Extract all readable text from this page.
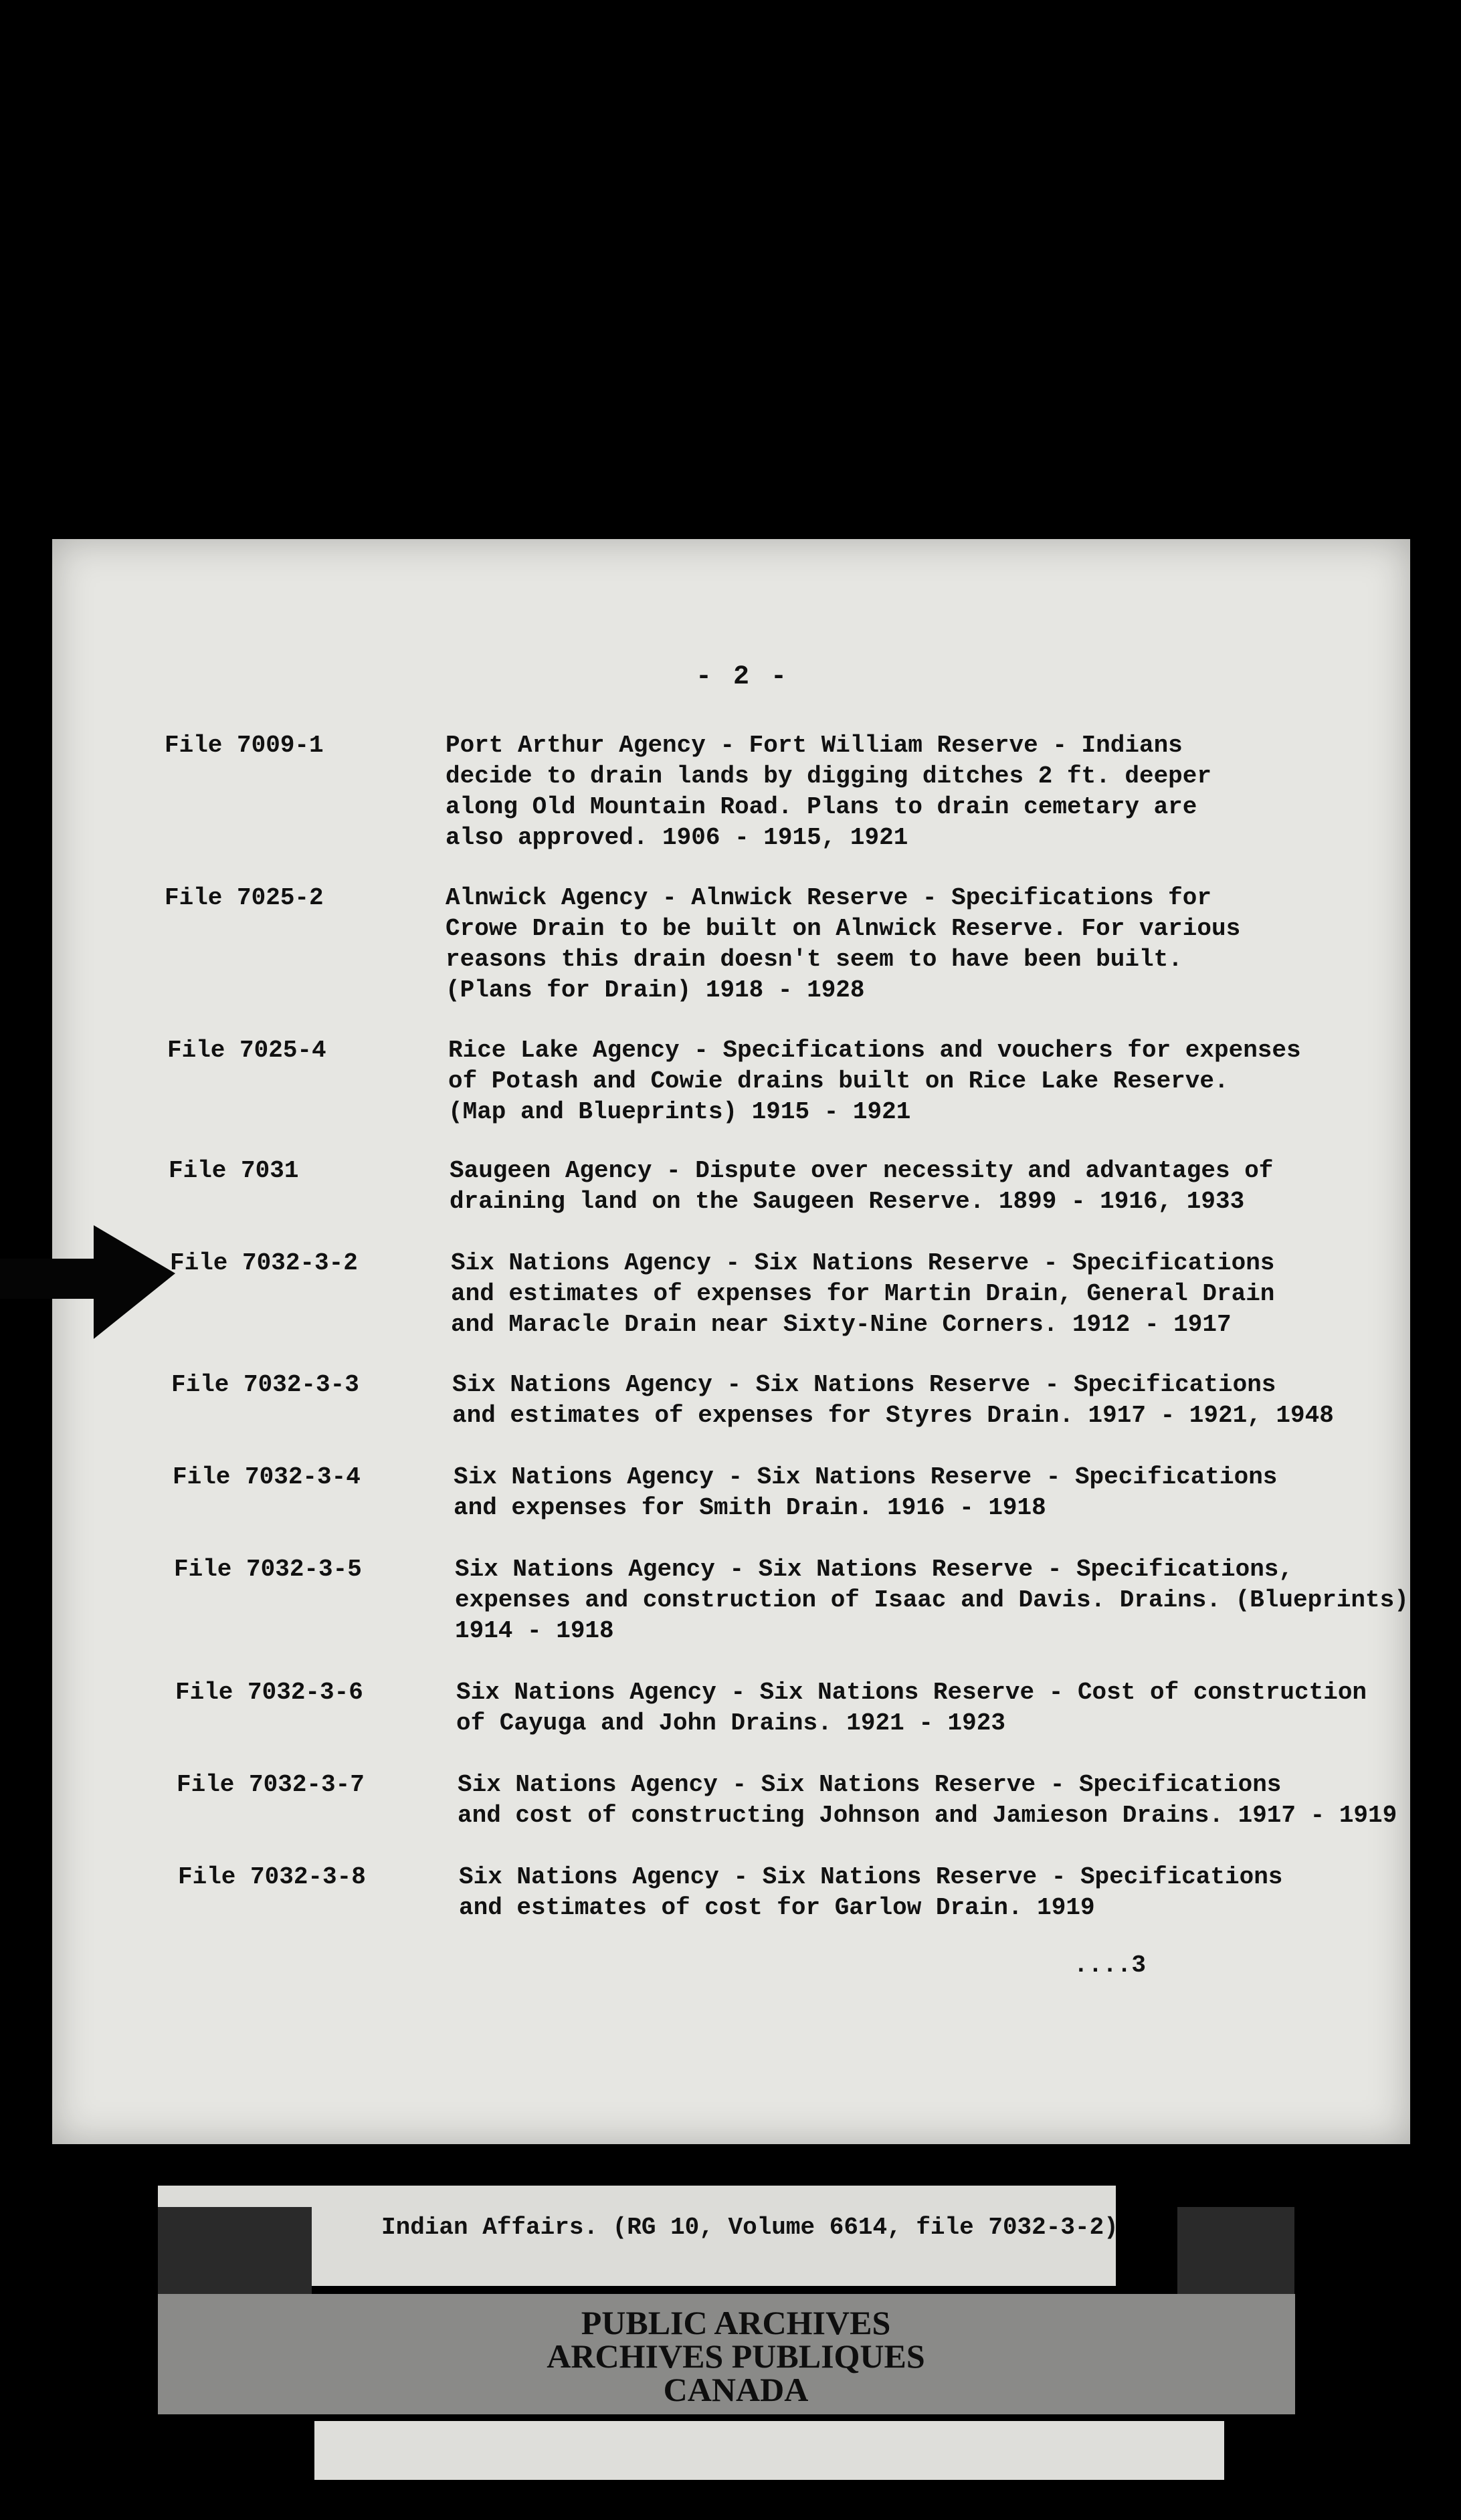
- 2 -
File 7009-1	Port Arthur Agency - Fort William Reserve - Indians
decide to drain lands by digging ditches 2 ft. deeper
along Old Mountain Road. Plans to drain cemetary are
also approved. 1906 - 1915, 1921
File 7025-2	Alnwick Agency - Alnwick Reserve - Specifications for
Crowe Drain to be built on Alnwick Reserve. For various
reasons this drain doesn't seem to have been built.
(Plans for Drain) 1918 - 1928
File 7025-4	Rice Lake Agency - Specifications and vouchers for expenses
of Potash and Cowie drains built on Rice Lake Reserve.
(Map and Blueprints) 1915 - 1921
File 7031	Saugeen Agency - Dispute over necessity and advantages of
draining land on the Saugeen Reserve. 1899 - 1916, 1933
File 7032-3-2	Six Nations Agency - Six Nations Reserve - Specifications
and estimates of expenses for Martin Drain, General Drain
and Maracle Drain near Sixty-Nine Corners. 1912 - 1917
File 7032-3-3	Six Nations Agency - Six Nations Reserve - Specifications
and estimates of expenses for Styres Drain. 1917 - 1921, 1948
File 7032-3-4	Six Nations Agency - Six Nations Reserve - Specifications
and expenses for Smith Drain. 1916 - 1918
File 7032-3-5	Six Nations Agency - Six Nations Reserve - Specifications,
expenses and construction of Isaac and Davis. Drains. (Blueprints)
1914 - 1918
File 7032-3-6	Six Nations Agency - Six Nations Reserve - Cost of construction
of Cayuga and John Drains. 1921 - 1923
File 7032-3-7	Six Nations Agency - Six Nations Reserve - Specifications
and cost of constructing Johnson and Jamieson Drains. 1917 - 1919
File 7032-3-8	Six Nations Agency - Six Nations Reserve - Specifications
and estimates of cost for Garlow Drain. 1919
....3
Indian Affairs. (RG 10, Volume 6614, file 7032-3-2)
PUBLIC ARCHIVES
ARCHIVES PUBLIQUES
CANADA
